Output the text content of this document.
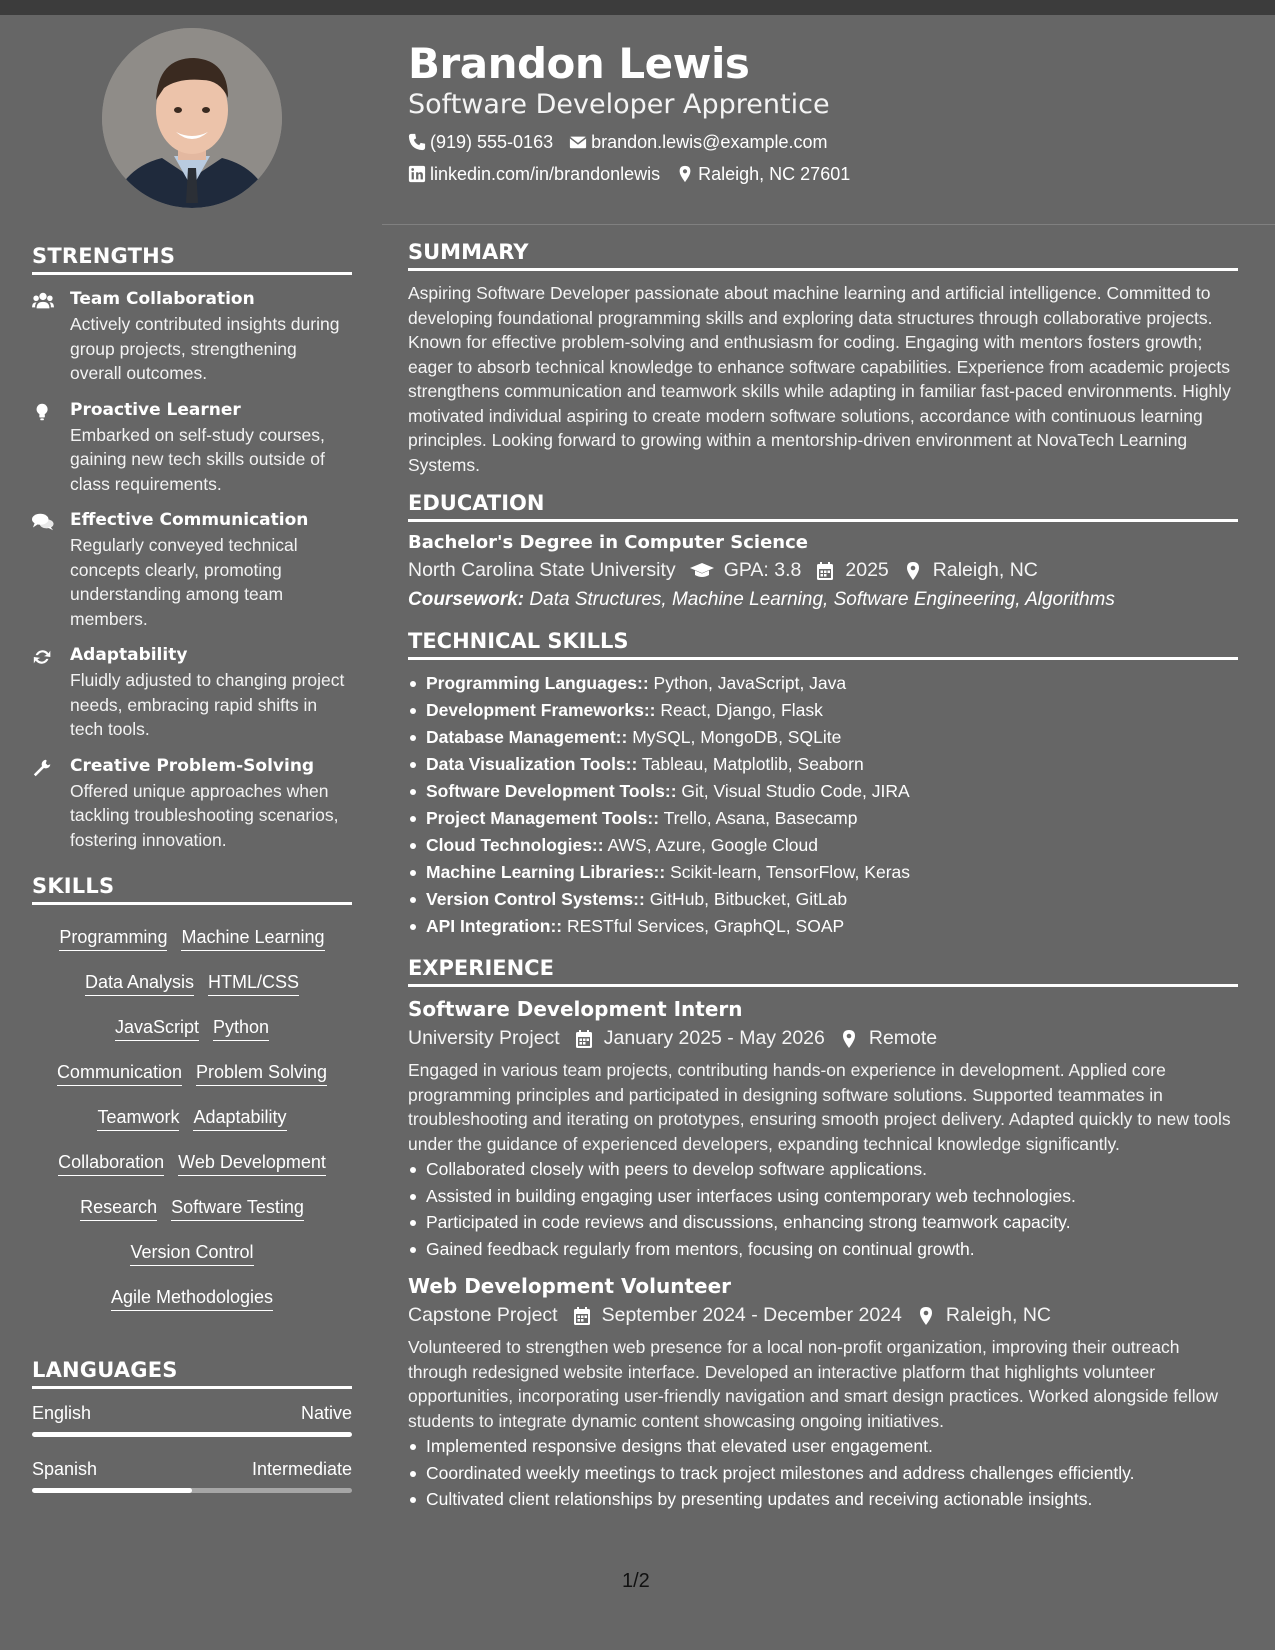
STRENGTHS
Team Collaboration
Actively contributed insights during group projects, strengthening overall outcomes.
Proactive Learner
Embarked on self-study courses, gaining new tech skills outside of class requirements.
Effective Communication
Regularly conveyed technical concepts clearly, promoting understanding among team members.
Adaptability
Fluidly adjusted to changing project needs, embracing rapid shifts in tech tools.
Creative Problem-Solving
Offered unique approaches when tackling troubleshooting scenarios, fostering innovation.
SKILLS
Programming Machine Learning
Data Analysis HTML/CSS
JavaScript Python
Communication Problem Solving
Teamwork Adaptability
Collaboration Web Development
Research Software Testing
Version Control
Agile Methodologies
LANGUAGES
English	Native
Spanish	Intermediate
Brandon Lewis
Software Developer Apprentice
(919) 555-0163 brandon.lewis@example.com
linkedin.com/in/brandonlewis Raleigh, NC 27601
SUMMARY
Aspiring Software Developer passionate about machine learning and artificial intelligence. Committed to developing foundational programming skills and exploring data structures through collaborative projects. Known for effective problem-solving and enthusiasm for coding. Engaging with mentors fosters growth; eager to absorb technical knowledge to enhance software capabilities. Experience from academic projects strengthens communication and teamwork skills while adapting in familiar fast-paced environments. Highly motivated individual aspiring to create modern software solutions, accordance with continuous learning principles. Looking forward to growing within a mentorship-driven environment at NovaTech Learning Systems.
EDUCATION
Bachelor's Degree in Computer Science
North Carolina State University GPA: 3.8 2025 Raleigh, NC
Coursework: Data Structures, Machine Learning, Software Engineering, Algorithms
TECHNICAL SKILLS
Programming Languages:: Python, JavaScript, Java
Development Frameworks:: React, Django, Flask
Database Management:: MySQL, MongoDB, SQLite
Data Visualization Tools:: Tableau, Matplotlib, Seaborn
Software Development Tools:: Git, Visual Studio Code, JIRA
Project Management Tools:: Trello, Asana, Basecamp
Cloud Technologies:: AWS, Azure, Google Cloud
Machine Learning Libraries:: Scikit-learn, TensorFlow, Keras
Version Control Systems:: GitHub, Bitbucket, GitLab
API Integration:: RESTful Services, GraphQL, SOAP
EXPERIENCE
Software Development Intern
University Project January 2025 - May 2026 Remote
Engaged in various team projects, contributing hands-on experience in development. Applied core programming principles and participated in designing software solutions. Supported teammates in troubleshooting and iterating on prototypes, ensuring smooth project delivery. Adapted quickly to new tools under the guidance of experienced developers, expanding technical knowledge significantly.
Collaborated closely with peers to develop software applications.
Assisted in building engaging user interfaces using contemporary web technologies.
Participated in code reviews and discussions, enhancing strong teamwork capacity.
Gained feedback regularly from mentors, focusing on continual growth.
Web Development Volunteer
Capstone Project September 2024 - December 2024 Raleigh, NC
Volunteered to strengthen web presence for a local non-profit organization, improving their outreach through redesigned website interface. Developed an interactive platform that highlights volunteer opportunities, incorporating user-friendly navigation and smart design practices. Worked alongside fellow students to integrate dynamic content showcasing ongoing initiatives.
Implemented responsive designs that elevated user engagement.
Coordinated weekly meetings to track project milestones and address challenges efficiently.
Cultivated client relationships by presenting updates and receiving actionable insights.
1/2
